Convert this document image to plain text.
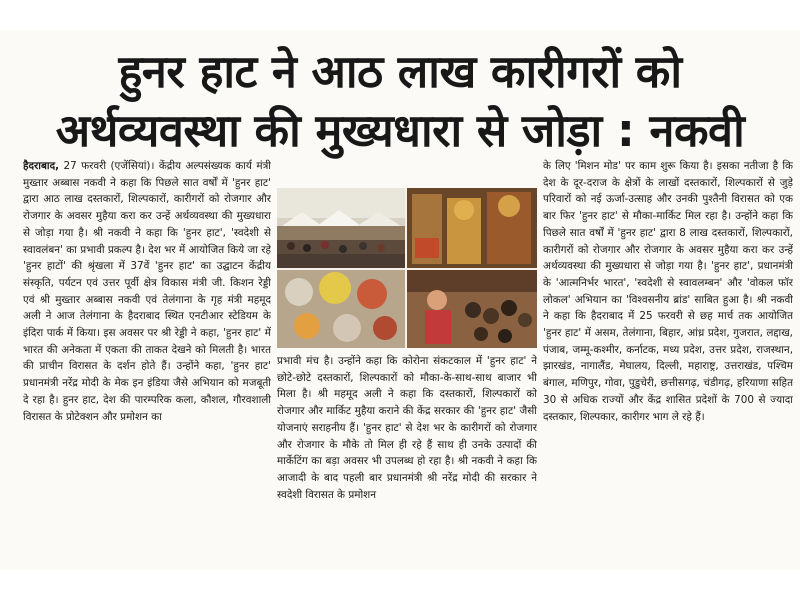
हुनर हाट ने आठ लाख कारीगरों को
अर्थव्यवस्था की मुख्यधारा से जोड़ा : नकवी

हैदराबाद, 27 फरवरी (एजेंसियां)। केंद्रीय अल्पसंख्यक कार्य मंत्री मुख्तार अब्बास नकवी ने कहा कि पिछले सात वर्षों में 'हुनर हाट' द्वारा आठ लाख दस्तकारों, शिल्पकारों, कारीगरों को रोजगार और रोजगार के अवसर मुहैया करा कर उन्हें अर्थव्यवस्था की मुख्यधारा से जोड़ा गया है। श्री नकवी ने कहा कि 'हुनर हाट', 'स्वदेशी से स्वावलंबन' का प्रभावी प्रकल्प है। देश भर में आयोजित किये जा रहे 'हुनर हाटों' की श्रृंखला में 37वें 'हुनर हाट' का उद्घाटन केंद्रीय संस्कृति, पर्यटन एवं उत्तर पूर्वी क्षेत्र विकास मंत्री जी. किशन रेड्डी एवं श्री मुख्तार अब्बास नकवी एवं तेलंगाना के गृह मंत्री महमूद अली ने आज तेलंगाना के हैदराबाद स्थित एनटीआर स्टेडियम के इंदिरा पार्क में किया। इस अवसर पर श्री रेड्डी ने कहा, 'हुनर हाट' में भारत की अनेकता में एकता की ताकत देखने को मिलती है। भारत की प्राचीन विरासत के दर्शन होते हैं। उन्होंने कहा, 'हुनर हाट' प्रधानमंत्री नरेंद्र मोदी के मेक इन इंडिया जैसे अभियान को मजबूती दे रहा है। हुनर हाट, देश की पारम्परिक कला, कौशल, गौरवशाली विरासत के प्रोटेक्शन और प्रमोशन का

प्रभावी मंच है। उन्होंने कहा कि कोरोना संकटकाल में 'हुनर हाट' ने छोटे-छोटे दस्तकारों, शिल्पकारों को मौका-के-साथ-साथ बाजार भी मिला है। श्री महमूद अली ने कहा कि दस्तकारों, शिल्पकारों को रोजगार और मार्किट मुहैया कराने की केंद्र सरकार की 'हुनर हाट' जैसी योजनाएं सराहनीय हैं। 'हुनर हाट' से देश भर के कारीगरों को रोजगार और रोजगार के मौके तो मिल ही रहे हैं साथ ही उनके उत्पादों की मार्केटिंग का बड़ा अवसर भी उपलब्ध हो रहा है। श्री नकवी ने कहा कि आजादी के बाद पहली बार प्रधानमंत्री श्री नरेंद्र मोदी की सरकार ने स्वदेशी विरासत के प्रमोशन

के लिए 'मिशन मोड' पर काम शुरू किया है। इसका नतीजा है कि देश के दूर-दराज के क्षेत्रों के लाखों दस्तकारों, शिल्पकारों से जुड़े परिवारों को नई ऊर्जा-उत्साह और उनकी पुश्तैनी विरासत को एक बार फिर 'हुनर हाट' से मौका-मार्किट मिल रहा है। उन्होंने कहा कि पिछले सात वर्षों में 'हुनर हाट' द्वारा 8 लाख दस्तकारों, शिल्पकारों, कारीगरों को रोजगार और रोजगार के अवसर मुहैया करा कर उन्हें अर्थव्यवस्था की मुख्यधारा से जोड़ा गया है। 'हुनर हाट', प्रधानमंत्री के 'आत्मनिर्भर भारत', 'स्वदेशी से स्वावलम्बन' और 'वोकल फॉर लोकल' अभियान का 'विश्वसनीय ब्रांड' साबित हुआ है। श्री नकवी ने कहा कि हैदराबाद में 25 फरवरी से छह मार्च तक आयोजित 'हुनर हाट' में असम, तेलंगाना, बिहार, आंध्र प्रदेश, गुजरात, लद्दाख, पंजाब, जम्मू-कश्मीर, कर्नाटक, मध्य प्रदेश, उत्तर प्रदेश, राजस्थान, झारखंड, नागालैंड, मेघालय, दिल्ली, महाराष्ट्र, उत्तराखंड, पश्चिम बंगाल, मणिपुर, गोवा, पुडुचेरी, छत्तीसगढ़, चंडीगढ़, हरियाणा सहित 30 से अधिक राज्यों और केंद्र शासित प्रदेशों के 700 से ज्यादा दस्तकार, शिल्पकार, कारीगर भाग ले रहे हैं।
